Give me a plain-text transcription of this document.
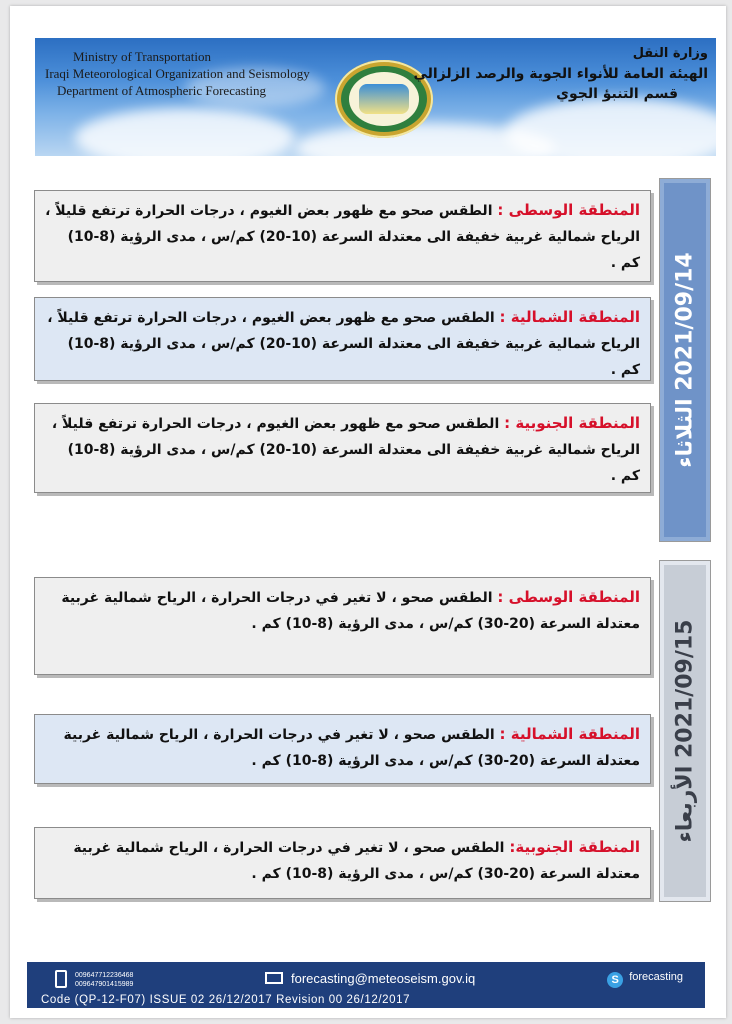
Ministry of Transportation
Iraqi Meteorological Organization and Seismology
Department of Atmospheric Forecasting
وزارة النقل
الهيئة العامة للأنواء الجوية والرصد الزلزالي
قسم التنبؤ الجوي
2021/09/14 الثلاثاء
المنطقة الوسطى : الطقس صحو مع ظهور بعض الغيوم ، درجات الحرارة ترتفع قليلاً ، الرياح شمالية غربية خفيفة الى معتدلة السرعة (10-20) كم/س ، مدى الرؤية (8-10) كم .
المنطقة الشمالية : الطقس صحو مع ظهور بعض الغيوم ، درجات الحرارة ترتفع قليلاً ، الرياح شمالية غربية خفيفة الى معتدلة السرعة (10-20) كم/س ، مدى الرؤية (8-10) كم .
المنطقة الجنوبية : الطقس صحو مع ظهور بعض الغيوم ، درجات الحرارة ترتفع قليلاً ، الرياح شمالية غربية خفيفة الى معتدلة السرعة (10-20) كم/س ، مدى الرؤية (8-10) كم .
2021/09/15 الأربعاء
المنطقة الوسطى : الطقس صحو ، لا تغير في درجات الحرارة ، الرياح شمالية غربية معتدلة السرعة (20-30) كم/س ، مدى الرؤية (8-10) كم .
المنطقة الشمالية : الطقس صحو ، لا تغير في درجات الحرارة ، الرياح شمالية غربية معتدلة السرعة (20-30) كم/س ، مدى الرؤية (8-10) كم .
المنطقة الجنوبية: الطقس صحو ، لا تغير في درجات الحرارة ، الرياح شمالية غربية معتدلة السرعة (20-30) كم/س ، مدى الرؤية (8-10) كم .
009647712236468
009647901415989	forecasting@meteoseism.gov.iq	S forecasting
Code (QP-12-F07) ISSUE 02 26/12/2017 Revision 00 26/12/2017
